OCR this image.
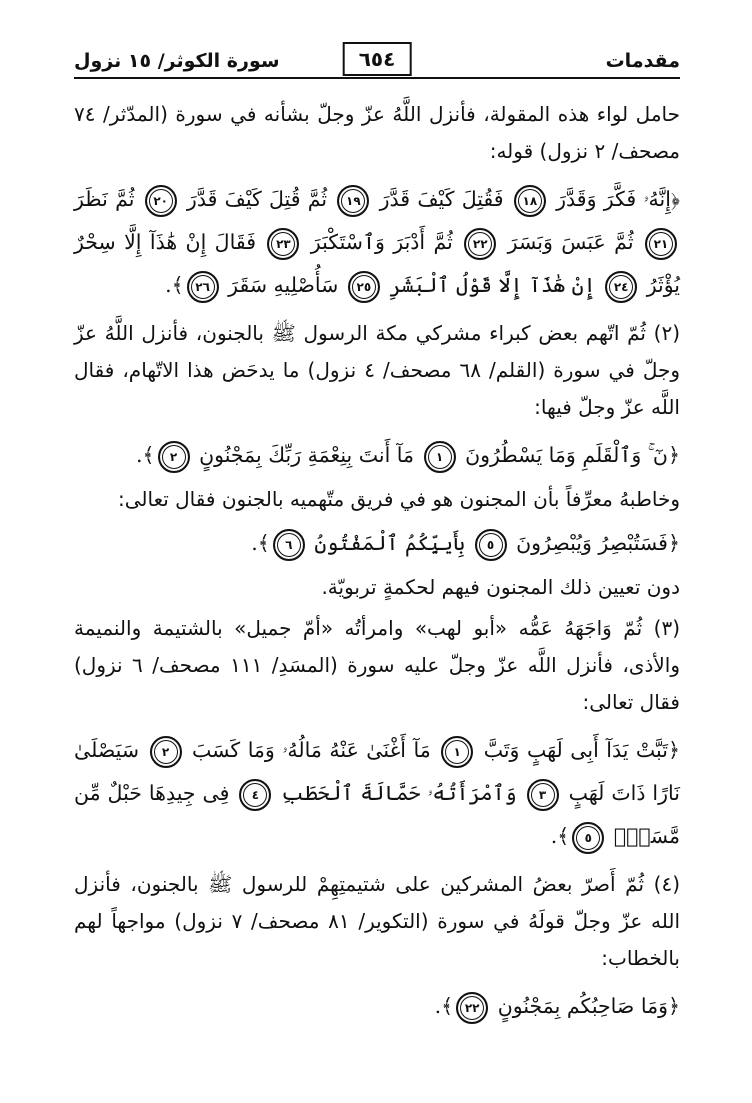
مقدمات
٦٥٤
سورة الكوثر/ ١٥ نزول

حامل لواء هذه المقولة، فأنزل اللَّهُ عزّ وجلّ بشأنه في سورة (المدّثر/ ٧٤ مصحف/ ٢ نزول) قوله:

﴿إِنَّهُۥ فَكَّرَ وَقَدَّرَ ١٨ فَقُتِلَ كَيْفَ قَدَّرَ ١٩ ثُمَّ قُتِلَ كَيْفَ قَدَّرَ ٢٠ ثُمَّ نَظَرَ ٢١ ثُمَّ عَبَسَ وَبَسَرَ ٢٢ ثُمَّ أَدْبَرَ وَٱسْتَكْبَرَ ٢٣ فَقَالَ إِنْ هَٰذَآ إِلَّا سِحْرٌ يُؤْثَرُ ٢٤ إِنْ هَٰذَآ إِلَّا قَوْلُ ٱلْبَشَرِ ٢٥ سَأُصْلِيهِ سَقَرَ ٢٦﴾.

(٢) ثُمّ اتّهم بعض كبراء مشركي مكة الرسول ﷺ بالجنون، فأنزل اللَّهُ عزّ وجلّ في سورة (القلم/ ٦٨ مصحف/ ٤ نزول) ما يدحَض هذا الاتّهام، فقال اللَّه عزّ وجلّ فيها:

﴿نٓ ۚ وَٱلْقَلَمِ وَمَا يَسْطُرُونَ ١ مَآ أَنتَ بِنِعْمَةِ رَبِّكَ بِمَجْنُونٍ ٢﴾.

وخاطبهُ معرِّفاً بأن المجنون هو في فريق متّهميه بالجنون فقال تعالى:

﴿فَسَتُبْصِرُ وَيُبْصِرُونَ ٥ بِأَييِّكُمُ ٱلْمَفْتُونُ ٦﴾.

دون تعيين ذلك المجنون فيهم لحكمةٍ تربويّة.

(٣) ثُمّ وَاجَهَهُ عَمُّه «أبو لهب» وامرأتُه «أمّ جميل» بالشتيمة والنميمة والأذى، فأنزل اللَّه عزّ وجلّ عليه سورة (المسَدِ/ ١١١ مصحف/ ٦ نزول) فقال تعالى:

﴿تَبَّتْ يَدَآ أَبِى لَهَبٍ وَتَبَّ ١ مَآ أَغْنَىٰ عَنْهُ مَالُهُۥ وَمَا كَسَبَ ٢ سَيَصْلَىٰ نَارًا ذَاتَ لَهَبٍ ٣ وَٱمْرَأَتُهُۥ حَمَّالَةَ ٱلْحَطَبِ ٤ فِى جِيدِهَا حَبْلٌ مِّن مَّسَدٍۭ ٥﴾.

(٤) ثُمّ أَصرّ بعضُ المشركين على شتيمتِهِمْ للرسول ﷺ بالجنون، فأنزل الله عزّ وجلّ قولَهُ في سورة (التكوير/ ٨١ مصحف/ ٧ نزول) مواجهاً لهم بالخطاب:

﴿وَمَا صَاحِبُكُم بِمَجْنُونٍ ٢٢﴾.
